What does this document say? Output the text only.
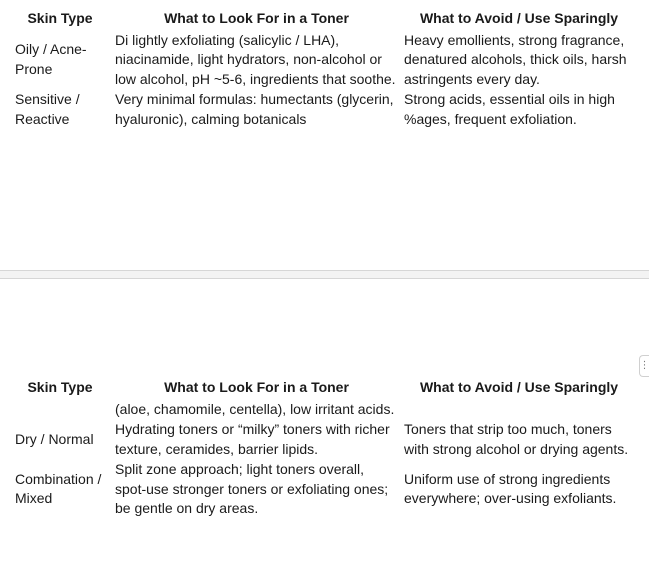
Skin Type	What to Look For in a Toner	What to Avoid / Use Sparingly
Oily / Acne-Prone	Di lightly exfoliating (salicylic / LHA), niacinamide, light hydrators, non-alcohol or low alcohol, pH ~5-6, ingredients that soothe.	Heavy emollients, strong fragrance, denatured alcohols, thick oils, harsh astringents every day.
Sensitive / Reactive	Very minimal formulas: humectants (glycerin, hyaluronic), calming botanicals	Strong acids, essential oils in high %ages, frequent exfoliation.
Skin Type	What to Look For in a Toner	What to Avoid / Use Sparingly
	(aloe, chamomile, centella), low irritant acids.	
Dry / Normal	Hydrating toners or “milky” toners with richer texture, ceramides, barrier lipids.	Toners that strip too much, toners with strong alcohol or drying agents.
Combination / Mixed	Split zone approach; light toners overall, spot-use stronger toners or exfoliating ones; be gentle on dry areas.	Uniform use of strong ingredients everywhere; over-using exfoliants.
⋮
